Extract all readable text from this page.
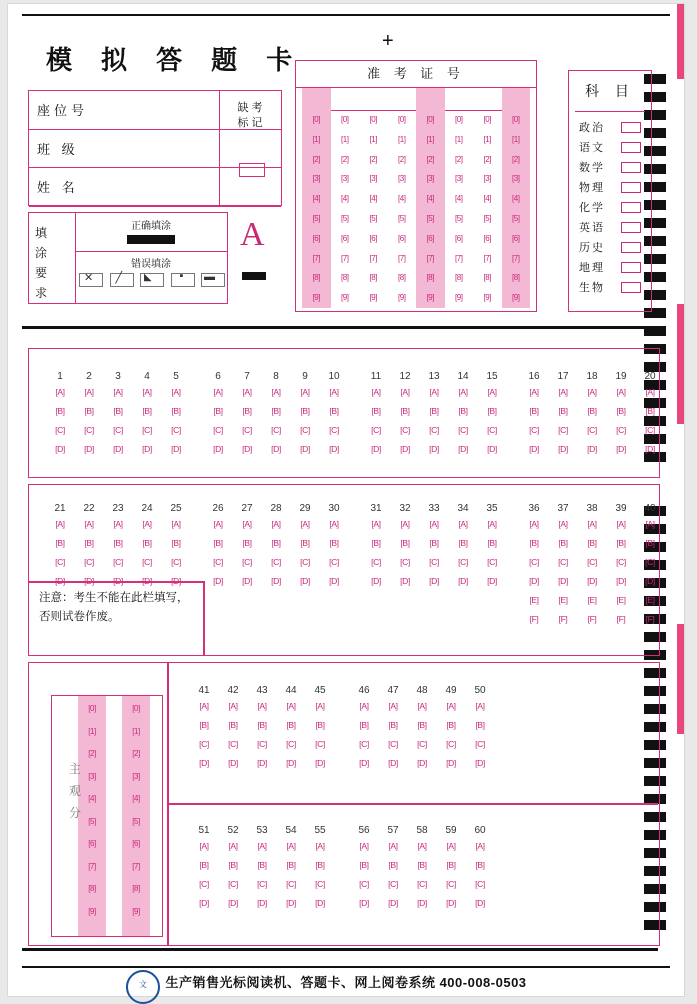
模 拟 答 题 卡
+
座位号
班 级
姓 名
缺 考
标 记
填
涂
要
求
正确填涂
错误填涂
✕
╱
◣
▪
▬
A
准 考 证 号
[0]
[1]
[2]
[3]
[4]
[5]
[6]
[7]
[8]
[9]
[0]
[1]
[2]
[3]
[4]
[5]
[6]
[7]
[8]
[9]
[0]
[1]
[2]
[3]
[4]
[5]
[6]
[7]
[8]
[9]
[0]
[1]
[2]
[3]
[4]
[5]
[6]
[7]
[8]
[9]
[0]
[1]
[2]
[3]
[4]
[5]
[6]
[7]
[8]
[9]
[0]
[1]
[2]
[3]
[4]
[5]
[6]
[7]
[8]
[9]
[0]
[1]
[2]
[3]
[4]
[5]
[6]
[7]
[8]
[9]
[0]
[1]
[2]
[3]
[4]
[5]
[6]
[7]
[8]
[9]
科 目
政治
语文
数学
物理
化学
英语
历史
地理
生物
1
[A]
[B]
[C]
[D]
2
[A]
[B]
[C]
[D]
3
[A]
[B]
[C]
[D]
4
[A]
[B]
[C]
[D]
5
[A]
[B]
[C]
[D]
6
[A]
[B]
[C]
[D]
7
[A]
[B]
[C]
[D]
8
[A]
[B]
[C]
[D]
9
[A]
[B]
[C]
[D]
10
[A]
[B]
[C]
[D]
11
[A]
[B]
[C]
[D]
12
[A]
[B]
[C]
[D]
13
[A]
[B]
[C]
[D]
14
[A]
[B]
[C]
[D]
15
[A]
[B]
[C]
[D]
16
[A]
[B]
[C]
[D]
17
[A]
[B]
[C]
[D]
18
[A]
[B]
[C]
[D]
19
[A]
[B]
[C]
[D]
20
[A]
[B]
[C]
[D]
21
[A]
[B]
[C]
22
[A]
[B]
[C]
23
[A]
[B]
[C]
24
[A]
[B]
[C]
25
[A]
[B]
[C]
26
[A]
[B]
[C]
[D]
27
[A]
[B]
[C]
[D]
28
[A]
[B]
[C]
[D]
29
[A]
[B]
[C]
[D]
30
[A]
[B]
[C]
[D]
31
[A]
[B]
[C]
[D]
32
[A]
[B]
[C]
[D]
33
[A]
[B]
[C]
[D]
34
[A]
[B]
[C]
[D]
35
[A]
[B]
[C]
[D]
36
[A]
[B]
[C]
[D]
[E]
[F]
37
[A]
[B]
[C]
[D]
[E]
[F]
38
[A]
[B]
[C]
[D]
[E]
[F]
39
[A]
[B]
[C]
[D]
[E]
[F]
40
[A]
[B]
[C]
[D]
[E]
[F]
注意：考生不能在此栏填写，否则试卷作废。
41
[A]
[B]
[C]
[D]
42
[A]
[B]
[C]
[D]
43
[A]
[B]
[C]
[D]
44
[A]
[B]
[C]
[D]
45
[A]
[B]
[C]
[D]
46
[A]
[B]
[C]
[D]
47
[A]
[B]
[C]
[D]
48
[A]
[B]
[C]
[D]
49
[A]
[B]
[C]
[D]
50
[A]
[B]
[C]
[D]
51
[A]
[B]
[C]
[D]
52
[A]
[B]
[C]
[D]
53
[A]
[B]
[C]
[D]
54
[A]
[B]
[C]
[D]
55
[A]
[B]
[C]
[D]
56
[A]
[B]
[C]
[D]
57
[A]
[B]
[C]
[D]
58
[A]
[B]
[C]
[D]
59
[A]
[B]
[C]
[D]
60
[A]
[B]
[C]
[D]
主
观
分
[0]
[1]
[2]
[3]
[4]
[5]
[6]
[7]
[8]
[9]
[0]
[1]
[2]
[3]
[4]
[5]
[6]
[7]
[8]
[9]
文	生产销售光标阅读机、答题卡、网上阅卷系统 400-008-0503
